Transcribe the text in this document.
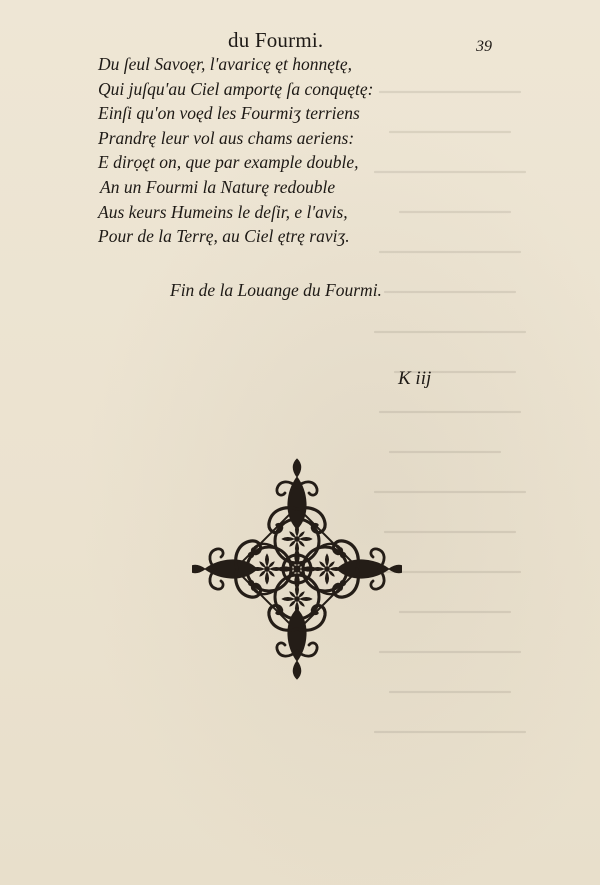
du Fourmi.	39
Du ſeul Savoęr, l'avaricę ęt honnętę,
Qui juſqu'au Ciel amportę ſa conquętę:
Einſi qu'on voęd les Fourmiʒ terriens
Prandrę leur vol aus chams aeriens:
E dirọęt on, que par example double,
An un Fourmi la Naturę redouble
Aus keurs Humeins le deſir, e l'avis,
Pour de la Terrę, au Ciel ętrę raviʒ.
Fin de la Louange du Fourmi.
K iij
